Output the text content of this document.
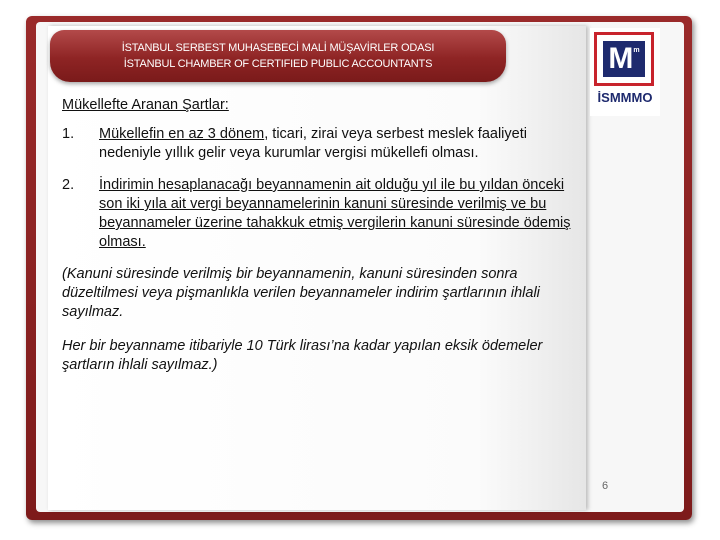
İSTANBUL SERBEST MUHASEBECİ MALİ MÜŞAVİRLER ODASI
İSTANBUL CHAMBER OF CERTIFIED PUBLIC ACCOUNTANTS	$M^m$
İSMMMO
Mükellefte Aranan Şartlar:
1.	Mükellefin en az 3 dönem, ticari, zirai veya serbest meslek faaliyeti nedeniyle yıllık gelir veya kurumlar vergisi mükellefi olması.
2.	İndirimin hesaplanacağı beyannamenin ait olduğu yıl ile bu yıldan önceki son iki yıla ait vergi beyannamelerinin kanuni süresinde verilmiş ve bu beyannameler üzerine tahakkuk etmiş vergilerin kanuni süresinde ödemiş olması.

(Kanuni süresinde verilmiş bir beyannamenin, kanuni süresinden sonra düzeltilmesi veya pişmanlıkla verilen beyannameler indirim şartlarının ihlali sayılmaz.

Her bir beyanname itibariyle 10 Türk lirası’na kadar yapılan eksik ödemeler şartların ihlali sayılmaz.)

6
